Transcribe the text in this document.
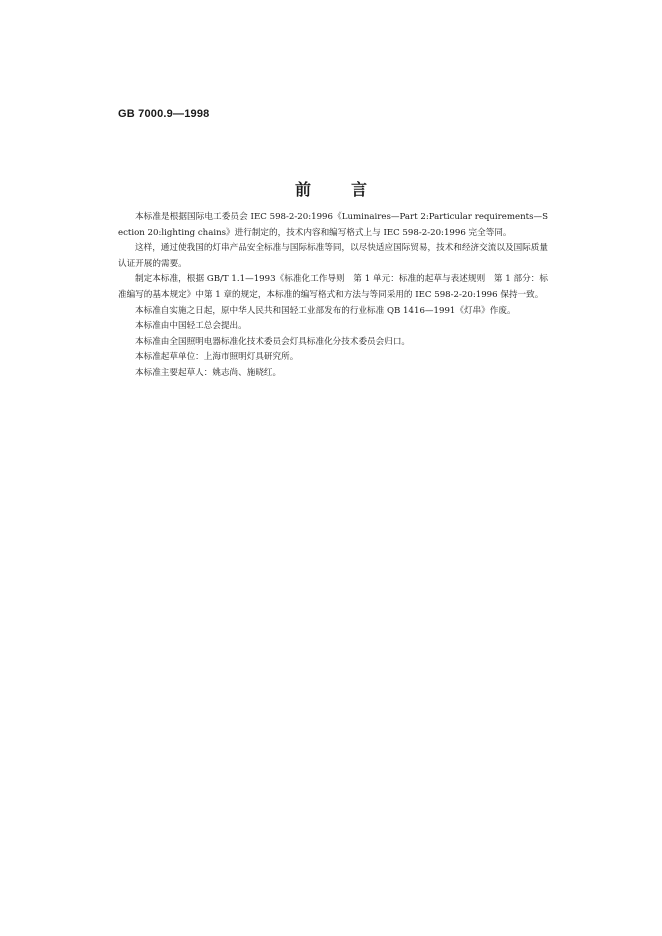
GB 7000.9—1998
前	言

本标准是根据国际电工委员会 IEC 598-2-20:1996《Luminaires—Part 2:Particular requirements—Section 20:lighting chains》进行制定的，技术内容和编写格式上与 IEC 598-2-20:1996 完全等同。

这样，通过使我国的灯串产品安全标准与国际标准等同，以尽快适应国际贸易，技术和经济交流以及国际质量认证开展的需要。

制定本标准，根据 GB/T 1.1—1993《标准化工作导则　第 1 单元：标准的起草与表述规则　第 1 部分：标准编写的基本规定》中第 1 章的规定，本标准的编写格式和方法与等同采用的 IEC 598-2-20:1996 保持一致。

本标准自实施之日起，原中华人民共和国轻工业部发布的行业标准 QB 1416—1991《灯串》作废。

本标准由中国轻工总会提出。

本标准由全国照明电器标准化技术委员会灯具标准化分技术委员会归口。

本标准起草单位：上海市照明灯具研究所。

本标准主要起草人：姚志尚、施晓红。
